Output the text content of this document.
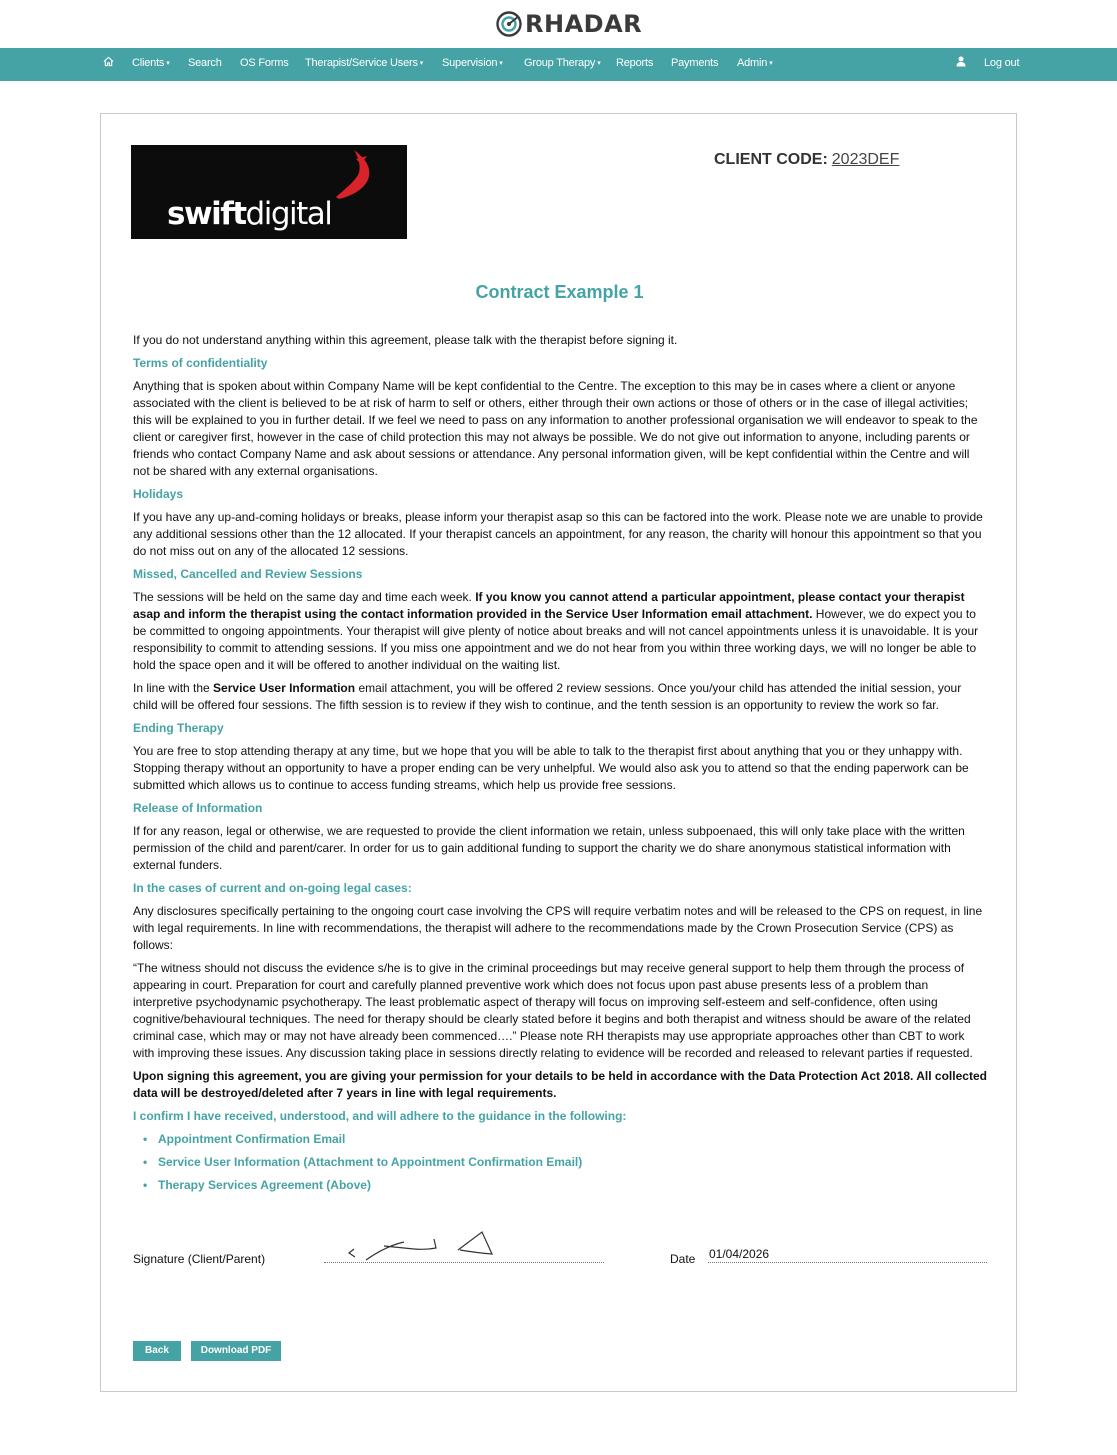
RHADAR
Clients ▾ Search OS Forms Therapist/Service Users ▾ Supervision ▾ Group Therapy ▾ Reports Payments Admin ▾	Log out
swiftdigital
CLIENT CODE: 2023DEF
Contract Example 1

If you do not understand anything within this agreement, please talk with the therapist before signing it.

Terms of confidentiality

Anything that is spoken about within Company Name will be kept confidential to the Centre. The exception to this may be in cases where a client or anyone associated with the client is believed to be at risk of harm to self or others, either through their own actions or those of others or in the case of illegal activities; this will be explained to you in further detail. If we feel we need to pass on any information to another professional organisation we will endeavor to speak to the client or caregiver first, however in the case of child protection this may not always be possible. We do not give out information to anyone, including parents or friends who contact Company Name and ask about sessions or attendance. Any personal information given, will be kept confidential within the Centre and will not be shared with any external organisations.

Holidays

If you have any up-and-coming holidays or breaks, please inform your therapist asap so this can be factored into the work. Please note we are unable to provide any additional sessions other than the 12 allocated. If your therapist cancels an appointment, for any reason, the charity will honour this appointment so that you do not miss out on any of the allocated 12 sessions.

Missed, Cancelled and Review Sessions

The sessions will be held on the same day and time each week. If you know you cannot attend a particular appointment, please contact your therapist asap and inform the therapist using the contact information provided in the Service User Information email attachment. However, we do expect you to be committed to ongoing appointments. Your therapist will give plenty of notice about breaks and will not cancel appointments unless it is unavoidable. It is your responsibility to commit to attending sessions. If you miss one appointment and we do not hear from you within three working days, we will no longer be able to hold the space open and it will be offered to another individual on the waiting list.

In line with the Service User Information email attachment, you will be offered 2 review sessions. Once you/your child has attended the initial session, your child will be offered four sessions. The fifth session is to review if they wish to continue, and the tenth session is an opportunity to review the work so far.

Ending Therapy

You are free to stop attending therapy at any time, but we hope that you will be able to talk to the therapist first about anything that you or they unhappy with. Stopping therapy without an opportunity to have a proper ending can be very unhelpful. We would also ask you to attend so that the ending paperwork can be submitted which allows us to continue to access funding streams, which help us provide free sessions.

Release of Information

If for any reason, legal or otherwise, we are requested to provide the client information we retain, unless subpoenaed, this will only take place with the written permission of the child and parent/carer. In order for us to gain additional funding to support the charity we do share anonymous statistical information with external funders.

In the cases of current and on-going legal cases:

Any disclosures specifically pertaining to the ongoing court case involving the CPS will require verbatim notes and will be released to the CPS on request, in line with legal requirements. In line with recommendations, the therapist will adhere to the recommendations made by the Crown Prosecution Service (CPS) as follows:

“The witness should not discuss the evidence s/he is to give in the criminal proceedings but may receive general support to help them through the process of appearing in court. Preparation for court and carefully planned preventive work which does not focus upon past abuse presents less of a problem than interpretive psychodynamic psychotherapy. The least problematic aspect of therapy will focus on improving self-esteem and self-confidence, often using cognitive/behavioural techniques. The need for therapy should be clearly stated before it begins and both therapist and witness should be aware of the related criminal case, which may or may not have already been commenced….” Please note RH therapists may use appropriate approaches other than CBT to work with improving these issues. Any discussion taking place in sessions directly relating to evidence will be recorded and released to relevant parties if requested.

Upon signing this agreement, you are giving your permission for your details to be held in accordance with the Data Protection Act 2018. All collected data will be destroyed/deleted after 7 years in line with legal requirements.

I confirm I have received, understood, and will adhere to the guidance in the following:
• Appointment Confirmation Email
• Service User Information (Attachment to Appointment Confirmation Email)
• Therapy Services Agreement (Above)
Signature (Client/Parent)	Date 01/04/2026
Back	Download PDF
